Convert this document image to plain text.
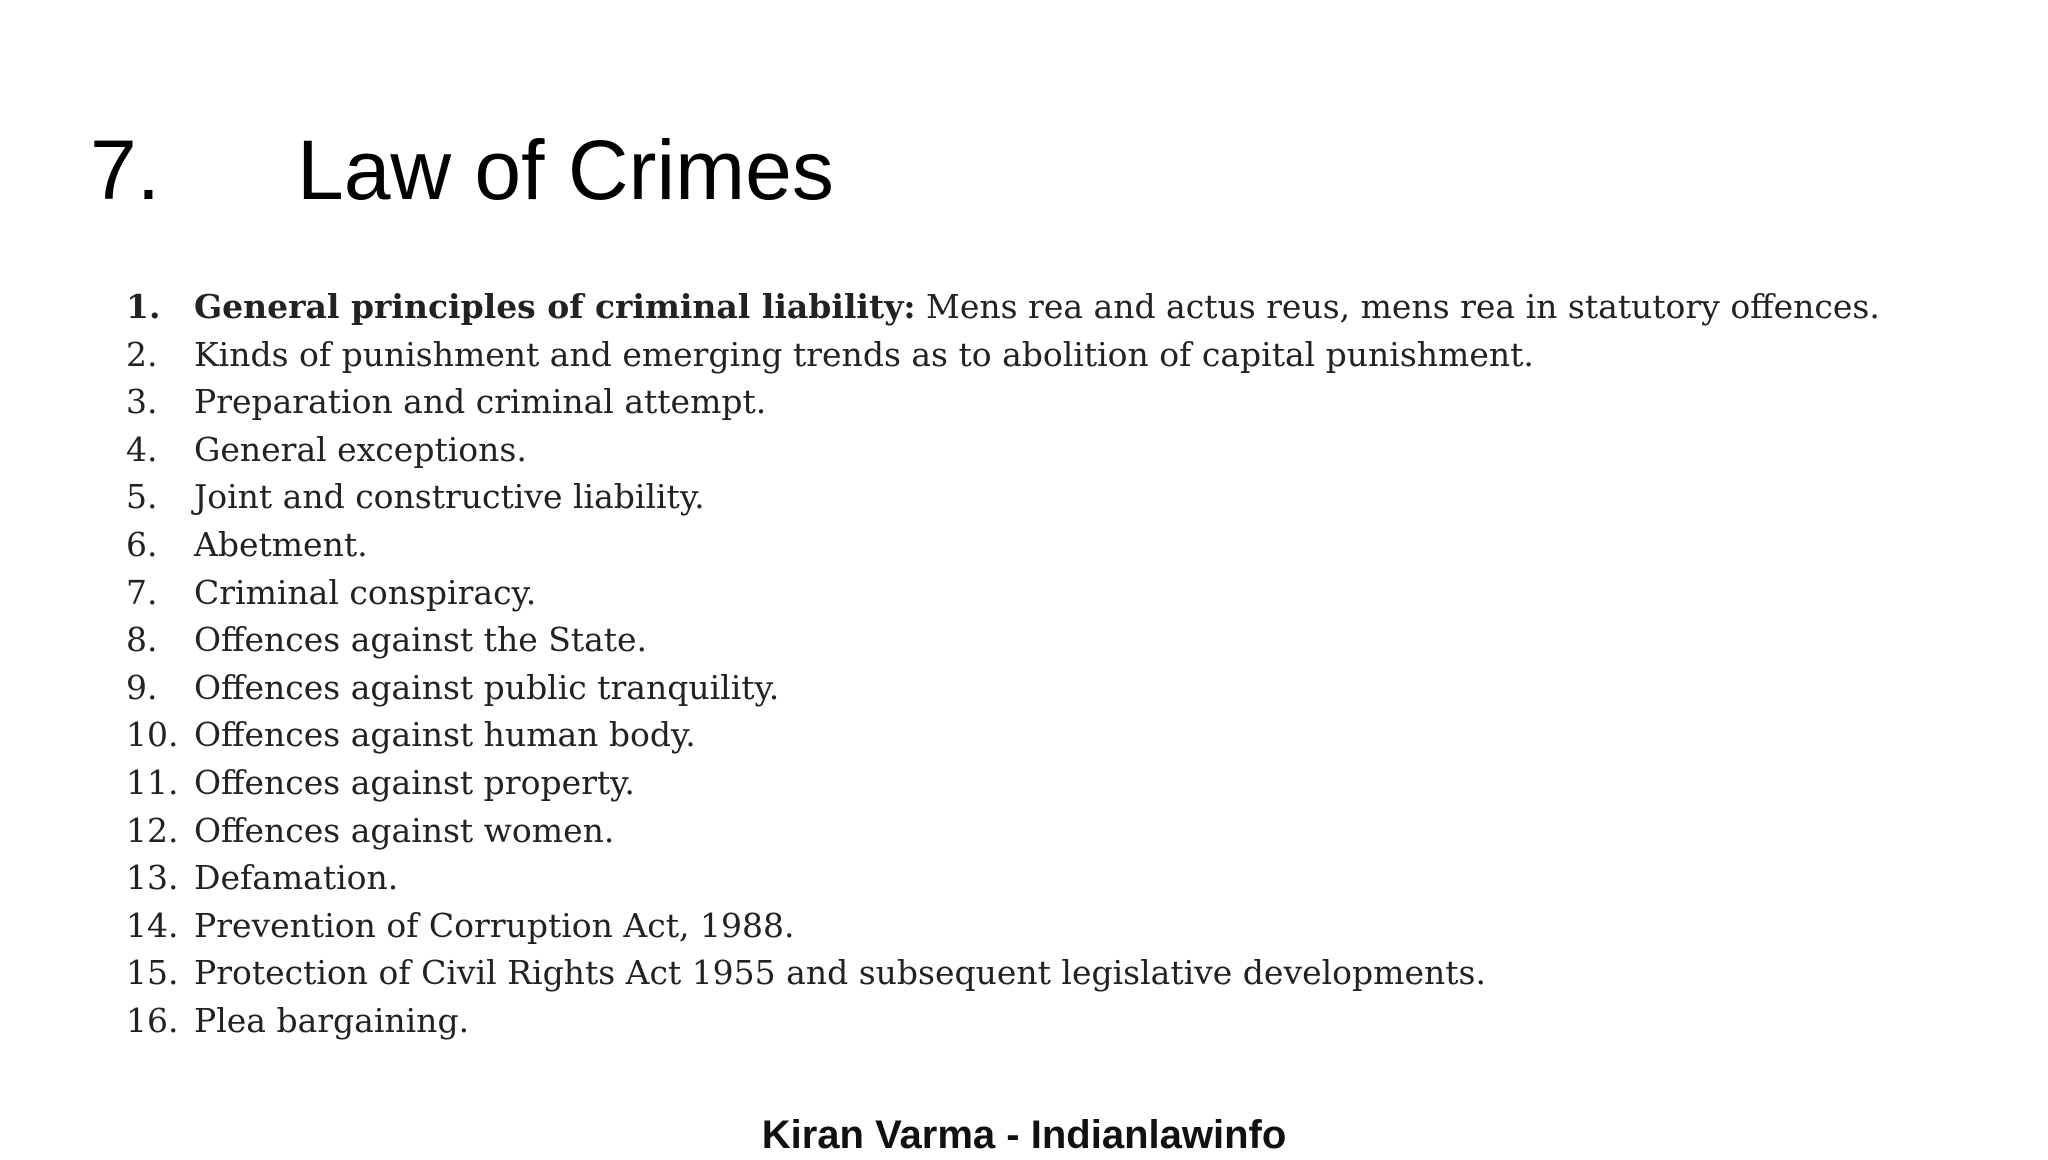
7. Law of Crimes
1.	General principles of criminal liability: Mens rea and actus reus, mens rea in statutory offences.
2.	Kinds of punishment and emerging trends as to abolition of capital punishment.
3.	Preparation and criminal attempt.
4.	General exceptions.
5.	Joint and constructive liability.
6.	Abetment.
7.	Criminal conspiracy.
8.	Offences against the State.
9.	Offences against public tranquility.
10. Offences against human body.
11. Offences against property.
12. Offences against women.
13. Defamation.
14. Prevention of Corruption Act, 1988.
15. Protection of Civil Rights Act 1955 and subsequent legislative developments.
16. Plea bargaining.
Kiran Varma - Indianlawinfo
